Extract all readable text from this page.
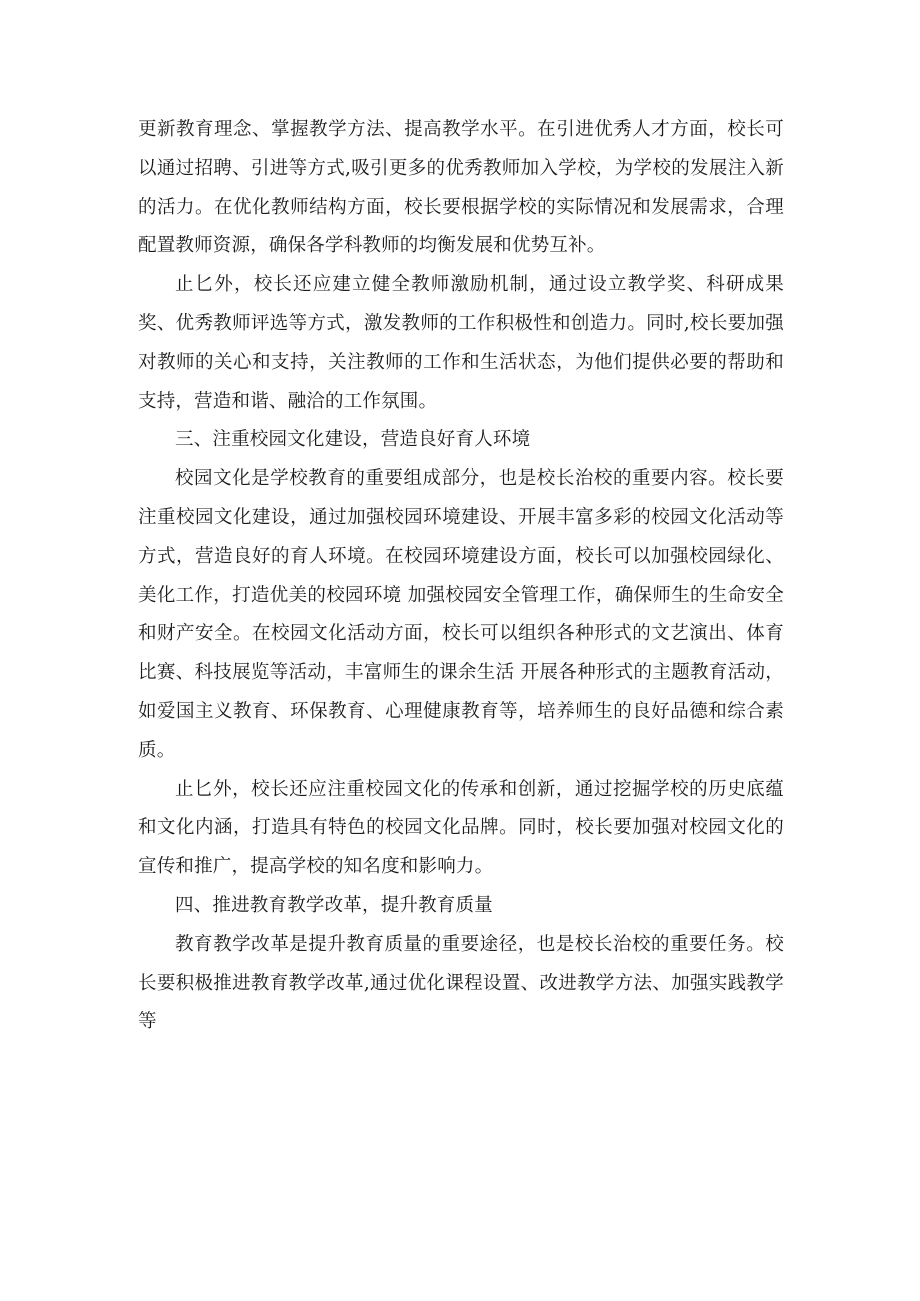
更新教育理念、掌握教学方法、提高教学水平。在引进优秀人才方面，校长可以通过招聘、引进等方式,吸引更多的优秀教师加入学校，为学校的发展注入新的活力。在优化教师结构方面，校长要根据学校的实际情况和发展需求，合理配置教师资源，确保各学科教师的均衡发展和优势互补。

止匕外，校长还应建立健全教师激励机制，通过设立教学奖、科研成果奖、优秀教师评选等方式，激发教师的工作积极性和创造力。同时,校长要加强对教师的关心和支持，关注教师的工作和生活状态，为他们提供必要的帮助和支持，营造和谐、融洽的工作氛围。

三、注重校园文化建设，营造良好育人环境

校园文化是学校教育的重要组成部分，也是校长治校的重要内容。校长要注重校园文化建设，通过加强校园环境建设、开展丰富多彩的校园文化活动等方式，营造良好的育人环境。在校园环境建设方面，校长可以加强校园绿化、美化工作，打造优美的校园环境 加强校园安全管理工作，确保师生的生命安全和财产安全。在校园文化活动方面，校长可以组织各种形式的文艺演出、体育比赛、科技展览等活动，丰富师生的课余生活 开展各种形式的主题教育活动，如爱国主义教育、环保教育、心理健康教育等，培养师生的良好品德和综合素质。

止匕外，校长还应注重校园文化的传承和创新，通过挖掘学校的历史底蕴和文化内涵，打造具有特色的校园文化品牌。同时，校长要加强对校园文化的宣传和推广，提高学校的知名度和影响力。

四、推进教育教学改革，提升教育质量

教育教学改革是提升教育质量的重要途径，也是校长治校的重要任务。校长要积极推进教育教学改革,通过优化课程设置、改进教学方法、加强实践教学等
